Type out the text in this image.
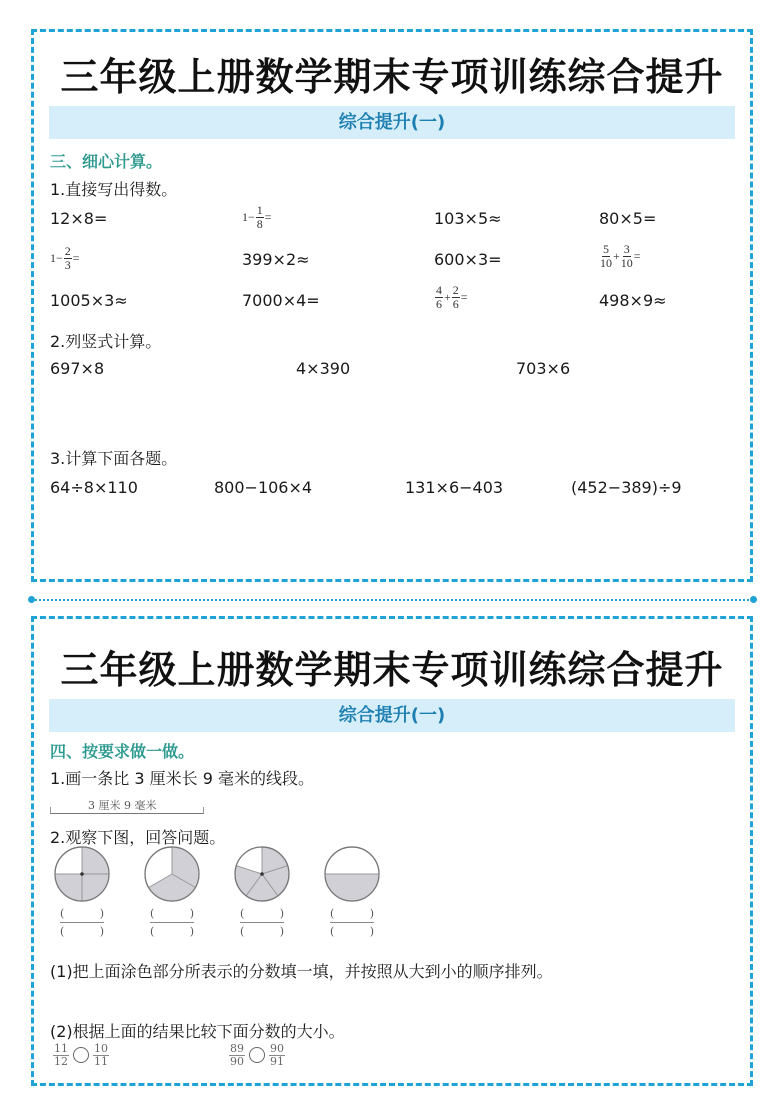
三年级上册数学期末专项训练综合提升
综合提升(一)
三、细心计算。
1.直接写出得数。
12×8=	$1- \frac{1}{8}$ =	103×5≈	80×5=
$1- \frac{2}{3}$ =	399×2≈	600×3=	$\frac{5}{10} + \frac{3}{10}$ =
1005×3≈	7000×4=	$\frac{4}{6} + \frac{2}{6}$ =	498×9≈
2.列竖式计算。
697×8	4×390	703×6
3.计算下面各题。
64÷8×110	800−106×4	131×6−403	(452−389)÷9
三年级上册数学期末专项训练综合提升
综合提升(一)
四、按要求做一做。
1.画一条比 3 厘米长 9 毫米的线段。
3 厘米 9 毫米
2.观察下图，回答问题。
(	)
(	)
(	)
(	)
(	)
(	)
(	)
(	)
(1)把上面涂色部分所表示的分数填一填，并按照从大到小的顺序排列。
(2)根据上面的结果比较下面分数的大小。
$\frac{11}{12} \frac{10}{11}$	$\frac{89}{90} \frac{90}{91}$
